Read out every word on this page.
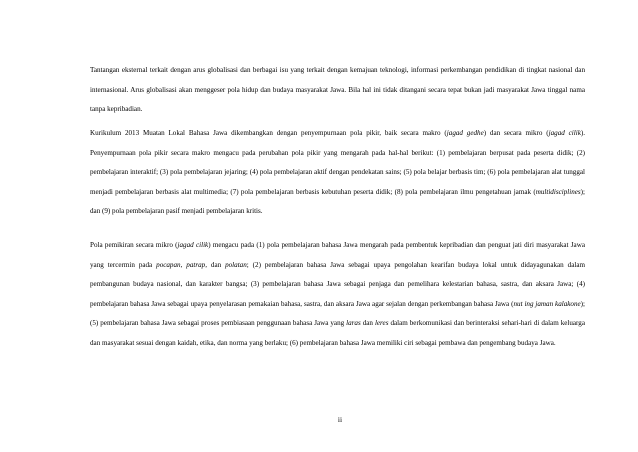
Tantangan eksternal terkait dengan arus globalisasi dan berbagai isu yang terkait dengan kemajuan teknologi, informasi perkembangan pendidikan di tingkat nasional dan internasional. Arus globalisasi akan menggeser pola hidup dan budaya masyarakat Jawa. Bila hal ini tidak ditangani secara tepat bukan jadi masyarakat Jawa tinggal nama tanpa kepribadian.

Kurikulum 2013 Muatan Lokal Bahasa Jawa dikembangkan dengan penyempurnaan pola pikir, baik secara makro (jagad gedhe) dan secara mikro (jagad cilik). Penyempurnaan pola pikir secara makro mengacu pada perubahan pola pikir yang mengarah pada hal-hal berikut: (1) pembelajaran berpusat pada peserta didik; (2) pembelajaran interaktif; (3) pola pembelajaran jejaring; (4) pola pembelajaran aktif dengan pendekatan sains; (5) pola belajar berbasis tim; (6) pola pembelajaran alat tunggal menjadi pembelajaran berbasis alat multimedia; (7) pola pembelajaran berbasis kebutuhan peserta didik; (8) pola pembelajaran ilmu pengetahuan jamak (multidisciplines); dan (9) pola pembelajaran pasif menjadi pembelajaran kritis.

Pola pemikiran secara mikro (jagad cilik) mengacu pada (1) pola pembelajaran bahasa Jawa mengarah pada pembentuk kepribadian dan penguat jati diri masyarakat Jawa yang tercermin pada pocapan, patrap, dan polatan; (2) pembelajaran bahasa Jawa sebagai upaya pengolahan kearifan budaya lokal untuk didayagunakan dalam pembangunan budaya nasional, dan karakter bangsa; (3) pembelajaran bahasa Jawa sebagai penjaga dan pemelihara kelestarian bahasa, sastra, dan aksara Jawa; (4) pembelajaran bahasa Jawa sebagai upaya penyelarasan pemakaian bahasa, sastra, dan aksara Jawa agar sejalan dengan perkembangan bahasa Jawa (nut ing jaman kalakone); (5) pembelajaran bahasa Jawa sebagai proses pembiasaan penggunaan bahasa Jawa yang laras dan leres dalam berkomunikasi dan berinteraksi sehari-hari di dalam keluarga dan masyarakat sesuai dengan kaidah, etika, dan norma yang berlaku; (6) pembelajaran bahasa Jawa memiliki ciri sebagai pembawa dan pengembang budaya Jawa.

ii
